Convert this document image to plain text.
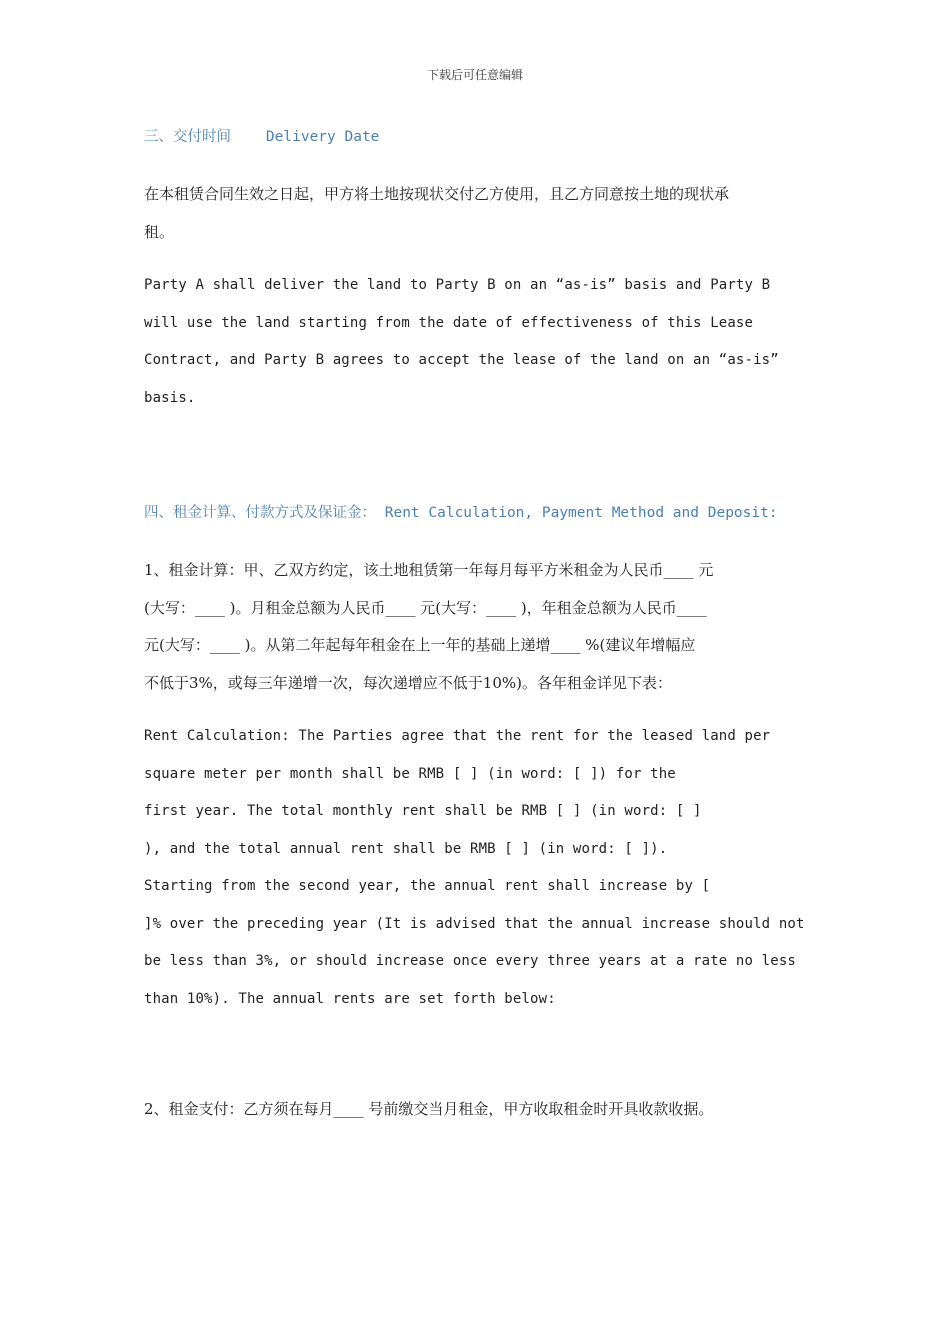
下载后可任意编辑

三、交付时间    Delivery Date

在本租赁合同生效之日起，甲方将土地按现状交付乙方使用，且乙方同意按土地的现状承
租。

Party A shall deliver the land to Party B on an “as-is” basis and Party B
will use the land starting from the date of effectiveness of this Lease
Contract, and Party B agrees to accept the lease of the land on an “as-is”
basis.

四、租金计算、付款方式及保证金： Rent Calculation, Payment Method and Deposit:

1、租金计算：甲、乙双方约定，该土地租赁第一年每月每平方米租金为人民币____ 元
(大写：____ )。月租金总额为人民币____ 元(大写：____ )，年租金总额为人民币____
元(大写：____ )。从第二年起每年租金在上一年的基础上递增____ %(建议年增幅应
不低于3%，或每三年递增一次，每次递增应不低于10%)。各年租金详见下表：

Rent Calculation: The Parties agree that the rent for the leased land per
square meter per month shall be RMB [ ] (in word: [ ]) for the
first year. The total monthly rent shall be RMB [ ] (in word: [ ]
), and the total annual rent shall be RMB [ ] (in word: [ ]).
Starting from the second year, the annual rent shall increase by [
]% over the preceding year (It is advised that the annual increase should not
be less than 3%, or should increase once every three years at a rate no less
than 10%). The annual rents are set forth below:

2、租金支付：乙方须在每月____ 号前缴交当月租金，甲方收取租金时开具收款收据。
